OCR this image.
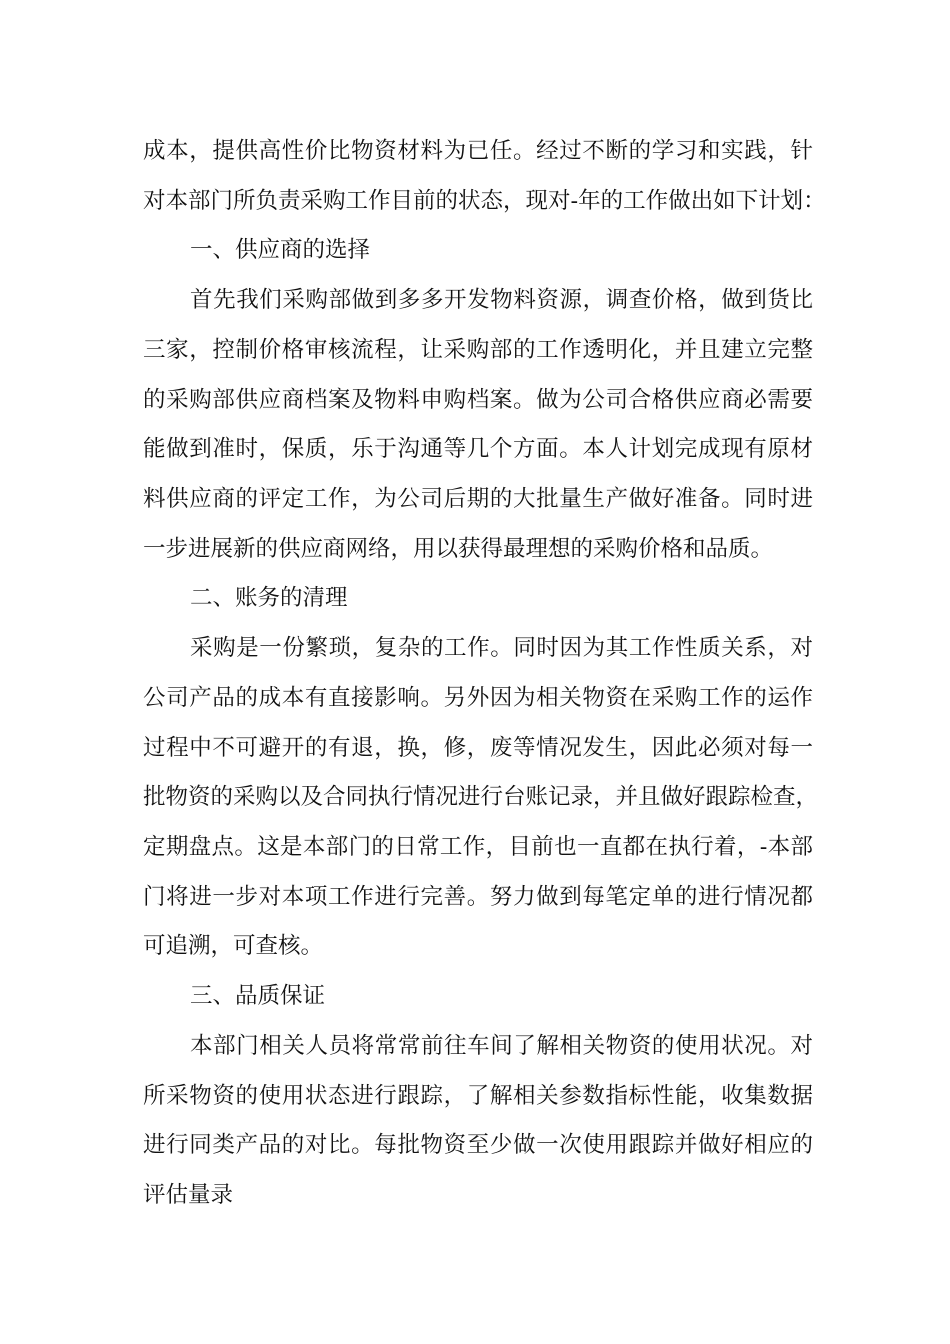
成本，提供高性价比物资材料为已任。经过不断的学习和实践，针
对本部门所负责采购工作目前的状态，现对-年的工作做出如下计划：
一、供应商的选择
首先我们采购部做到多多开发物料资源，调查价格，做到货比
三家，控制价格审核流程，让采购部的工作透明化，并且建立完整
的采购部供应商档案及物料申购档案。做为公司合格供应商必需要
能做到准时，保质，乐于沟通等几个方面。本人计划完成现有原材
料供应商的评定工作，为公司后期的大批量生产做好准备。同时进
一步进展新的供应商网络，用以获得最理想的采购价格和品质。
二、账务的清理
采购是一份繁琐，复杂的工作。同时因为其工作性质关系，对
公司产品的成本有直接影响。另外因为相关物资在采购工作的运作
过程中不可避开的有退，换，修，废等情况发生，因此必须对每一
批物资的采购以及合同执行情况进行台账记录，并且做好跟踪检查，
定期盘点。这是本部门的日常工作，目前也一直都在执行着，-本部
门将进一步对本项工作进行完善。努力做到每笔定单的进行情况都
可追溯，可查核。
三、品质保证
本部门相关人员将常常前往车间了解相关物资的使用状况。对
所采物资的使用状态进行跟踪，了解相关参数指标性能，收集数据
进行同类产品的对比。每批物资至少做一次使用跟踪并做好相应的
评估量录
